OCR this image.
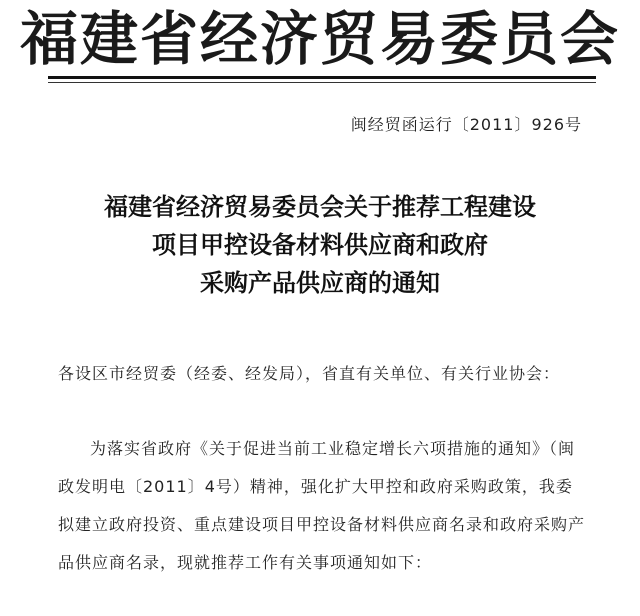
福建省经济贸易委员会
闽经贸函运行〔2011〕926号
福建省经济贸易委员会关于推荐工程建设
项目甲控设备材料供应商和政府
采购产品供应商的通知
各设区市经贸委（经委、经发局），省直有关单位、有关行业协会：
为落实省政府《关于促进当前工业稳定增长六项措施的通知》（闽政发明电〔2011〕4号）精神，强化扩大甲控和政府采购政策，我委拟建立政府投资、重点建设项目甲控设备材料供应商名录和政府采购产品供应商名录，现就推荐工作有关事项通知如下：
